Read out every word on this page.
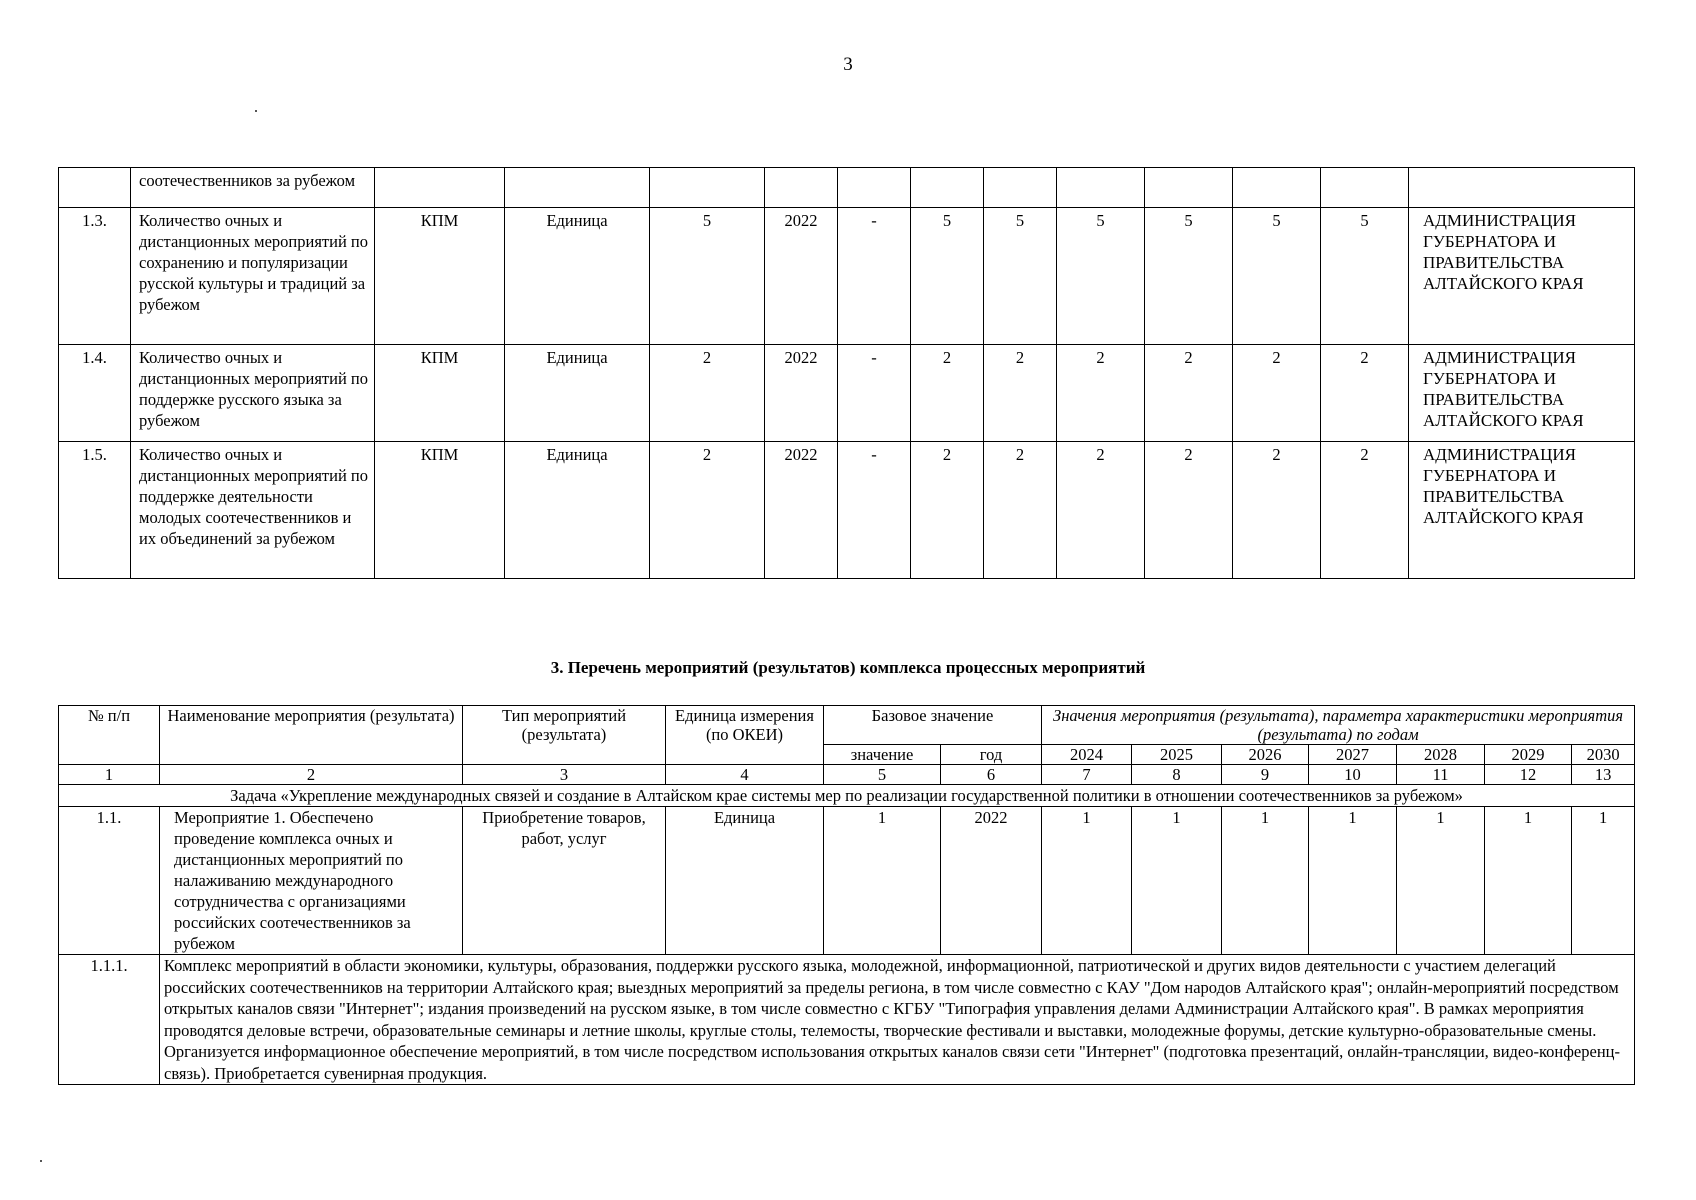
3
	соотечественников за рубежом												
1.3.	Количество очных и дистанционных мероприятий по сохранению и популяризации русской культуры и традиций за рубежом	КПМ	Единица	5	2022	-	5	5	5	5	5	5	АДМИНИСТРАЦИЯ ГУБЕРНАТОРА И ПРАВИТЕЛЬСТВА АЛТАЙСКОГО КРАЯ
1.4.	Количество очных и дистанционных мероприятий по поддержке русского языка за рубежом	КПМ	Единица	2	2022	-	2	2	2	2	2	2	АДМИНИСТРАЦИЯ ГУБЕРНАТОРА И ПРАВИТЕЛЬСТВА АЛТАЙСКОГО КРАЯ
1.5.	Количество очных и дистанционных мероприятий по поддержке деятельности молодых соотечественников и их объединений за рубежом	КПМ	Единица	2	2022	-	2	2	2	2	2	2	АДМИНИСТРАЦИЯ ГУБЕРНАТОРА И ПРАВИТЕЛЬСТВА АЛТАЙСКОГО КРАЯ
3. Перечень мероприятий (результатов) комплекса процессных мероприятий
№ п/п	Наименование мероприятия (результата)	Тип мероприятий (результата)	Единица измерения (по ОКЕИ)	Базовое значение		Значения мероприятия (результата), параметра характеристики мероприятия (результата) по годам						
				значение	год	2024	2025	2026	2027	2028	2029	2030
1	2	3	4	5	6	7	8	9	10	11	12	13
Задача «Укрепление международных связей и создание в Алтайском крае системы мер по реализации государственной политики в отношении соотечественников за рубежом»												
1.1.	Мероприятие 1. Обеспечено проведение комплекса очных и дистанционных мероприятий по налаживанию международного сотрудничества с организациями российских соотечественников за рубежом	Приобретение товаров, работ, услуг	Единица	1	2022	1	1	1	1	1	1	1
1.1.1.	Комплекс мероприятий в области экономики, культуры, образования, поддержки русского языка, молодежной, информационной, патриотической и других видов деятельности с участием делегаций российских соотечественников на территории Алтайского края; выездных мероприятий за пределы региона, в том числе совместно с КАУ "Дом народов Алтайского края"; онлайн-мероприятий посредством открытых каналов связи "Интернет"; издания произведений на русском языке, в том числе совместно с КГБУ "Типография управления делами Администрации Алтайского края". В рамках мероприятия проводятся деловые встречи, образовательные семинары и летние школы, круглые столы, телемосты, творческие фестивали и выставки, молодежные форумы, детские культурно-образовательные смены. Организуется информационное обеспечение мероприятий, в том числе посредством использования открытых каналов связи сети "Интернет" (подготовка презентаций, онлайн-трансляции, видео-конференц-связь). Приобретается сувенирная продукция.											
